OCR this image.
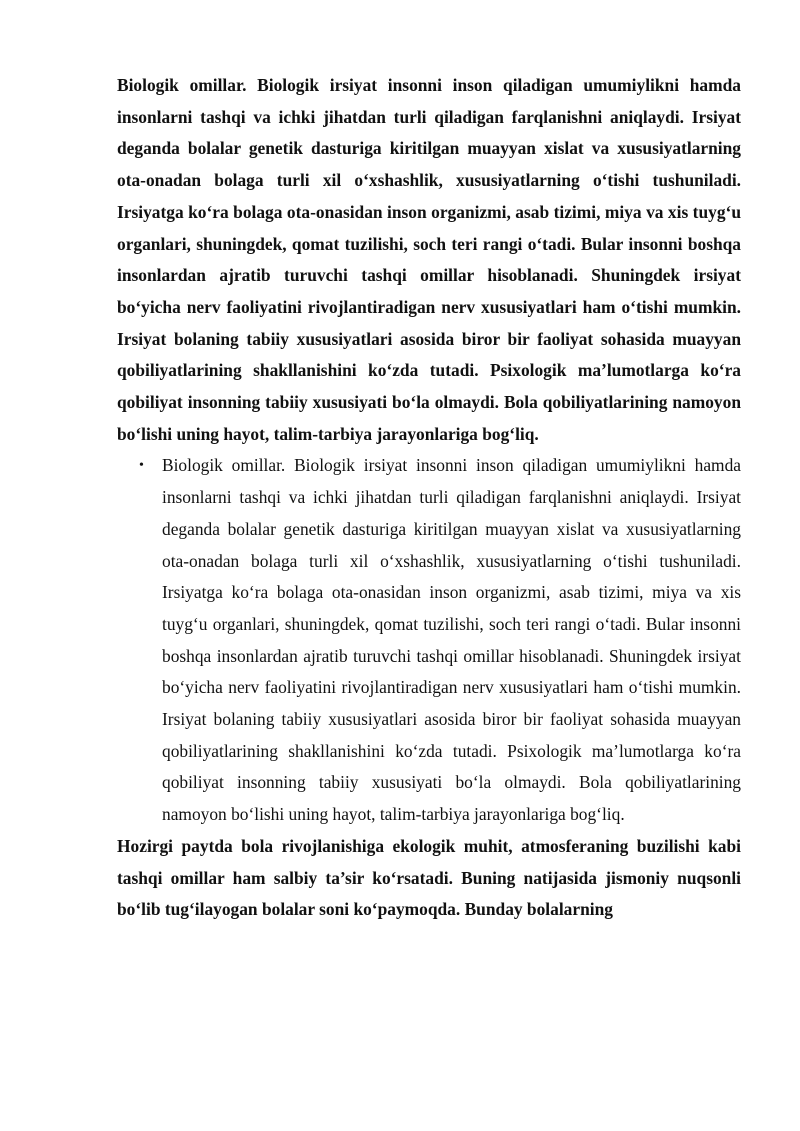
Biologik omillar. Biologik irsiyat insonni inson qiladigan umumiylikni hamda insonlarni tashqi va ichki jihatdan turli qiladigan farqlanishni aniqlaydi. Irsiyat deganda bolalar genetik dasturiga kiritilgan muayyan xislat va xususiyatlarning ota-onadan bolaga turli xil o‘xshashlik, xususiyatlarning o‘tishi tushuniladi. Irsiyatga ko‘ra bolaga ota-onasidan inson organizmi, asab tizimi, miya va xis tuyg‘u organlari, shuningdek, qomat tuzilishi, soch teri rangi o‘tadi. Bular insonni boshqa insonlardan ajratib turuvchi tashqi omillar hisoblanadi. Shuningdek irsiyat bo‘yicha nerv faoliyatini rivojlantiradigan nerv xususiyatlari ham o‘tishi mumkin. Irsiyat bolaning tabiiy xususiyatlari asosida biror bir faoliyat sohasida muayyan qobiliyatlarining shakllanishini ko‘zda tutadi. Psixologik ma’lumotlarga ko‘ra qobiliyat insonning tabiiy xususiyati bo‘la olmaydi. Bola qobiliyatlarining namoyon bo‘lishi uning hayot, talim-tarbiya jarayonlariga bog‘liq.

• Biologik omillar. Biologik irsiyat insonni inson qiladigan umumiylikni hamda insonlarni tashqi va ichki jihatdan turli qiladigan farqlanishni aniqlaydi. Irsiyat deganda bolalar genetik dasturiga kiritilgan muayyan xislat va xususiyatlarning ota-onadan bolaga turli xil o‘xshashlik, xususiyatlarning o‘tishi tushuniladi. Irsiyatga ko‘ra bolaga ota-onasidan inson organizmi, asab tizimi, miya va xis tuyg‘u organlari, shuningdek, qomat tuzilishi, soch teri rangi o‘tadi. Bular insonni boshqa insonlardan ajratib turuvchi tashqi omillar hisoblanadi. Shuningdek irsiyat bo‘yicha nerv faoliyatini rivojlantiradigan nerv xususiyatlari ham o‘tishi mumkin. Irsiyat bolaning tabiiy xususiyatlari asosida biror bir faoliyat sohasida muayyan qobiliyatlarining shakllanishini ko‘zda tutadi. Psixologik ma’lumotlarga ko‘ra qobiliyat insonning tabiiy xususiyati bo‘la olmaydi. Bola qobiliyatlarining namoyon bo‘lishi uning hayot, talim-tarbiya jarayonlariga bog‘liq.

Hozirgi paytda bola rivojlanishiga ekologik muhit, atmosferaning buzilishi kabi tashqi omillar ham salbiy ta’sir ko‘rsatadi. Buning natijasida jismoniy nuqsonli bo‘lib tug‘ilayogan bolalar soni ko‘paymoqda. Bunday bolalarning
